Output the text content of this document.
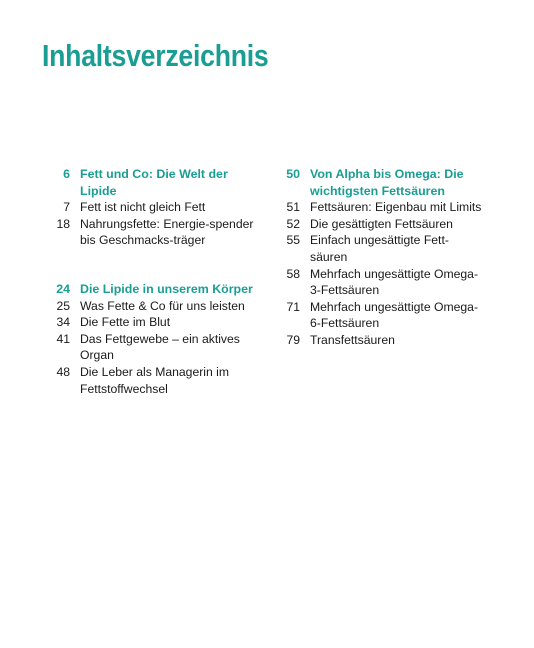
Inhaltsverzeichnis
6 Fett und Co: Die Welt der Lipide
7 Fett ist nicht gleich Fett
18 Nahrungsfette: Energie-spender bis Geschmacks-träger
24 Die Lipide in unserem Körper
25 Was Fette & Co für uns leisten
34 Die Fette im Blut
41 Das Fettgewebe – ein aktives Organ
48 Die Leber als Managerin im Fettstoffwechsel
50 Von Alpha bis Omega: Die wichtigsten Fettsäuren
51 Fettsäuren: Eigenbau mit Limits
52 Die gesättigten Fettsäuren
55 Einfach ungesättigte Fett-säuren
58 Mehrfach ungesättigte Omega-3-Fettsäuren
71 Mehrfach ungesättigte Omega-6-Fettsäuren
79 Transfettsäuren
